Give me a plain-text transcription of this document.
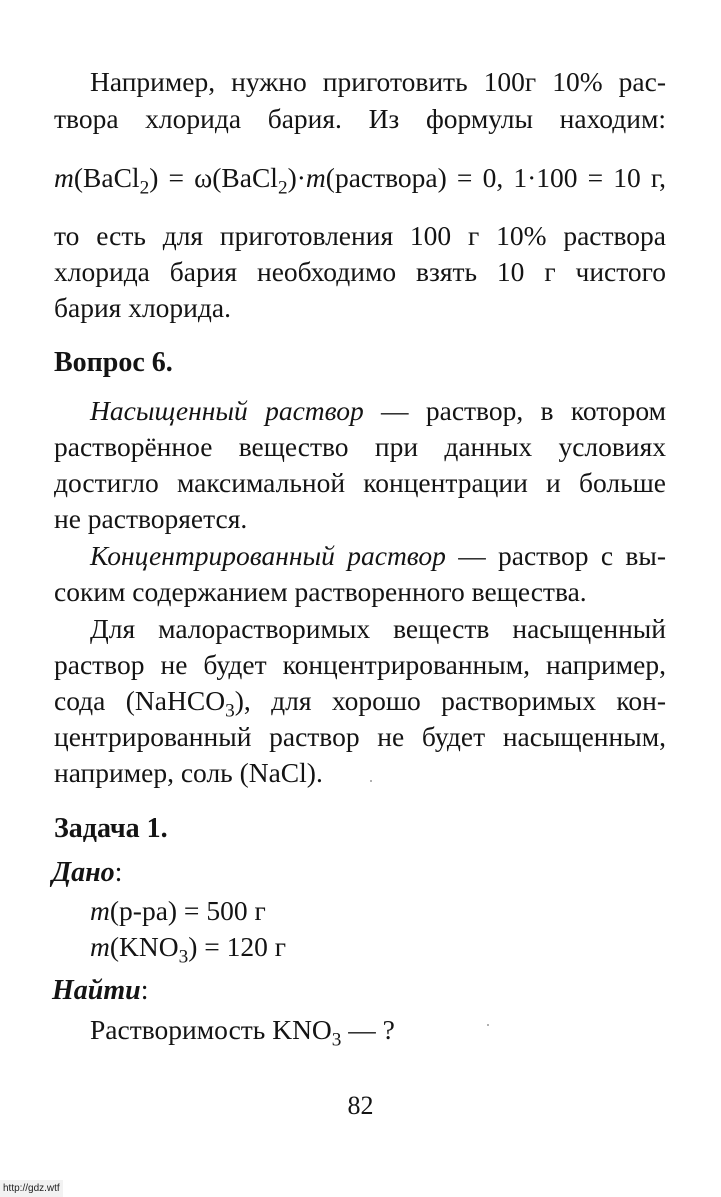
Например, нужно приготовить 100г 10% рас-
твора хлорида бария. Из формулы находим:
m(BaCl$_2$) = ω(BaCl$_2$)·m(раствора) = 0, 1·100 = 10 г,
то есть для приготовления 100 г 10% раствора
хлорида бария необходимо взять 10 г чистого
бария хлорида.
Вопрос 6.
Насыщенный раствор — раствор, в котором
растворённое вещество при данных условиях
достигло максимальной концентрации и больше
не растворяется.
Концентрированный раствор — раствор с вы-
соким содержанием растворенного вещества.
Для малорастворимых веществ насыщенный
раствор не будет концентрированным, например,
сода (NaHCO$_3$), для хорошо растворимых кон-
центрированный раствор не будет насыщенным,
например, соль (NaCl).
Задача 1.
Дано:
m(р-ра) = 500 г
$m(KNO_3) = 120$ г
Найти:
Растворимость $KNO_3$ — ?
82
http://gdz.wtf
